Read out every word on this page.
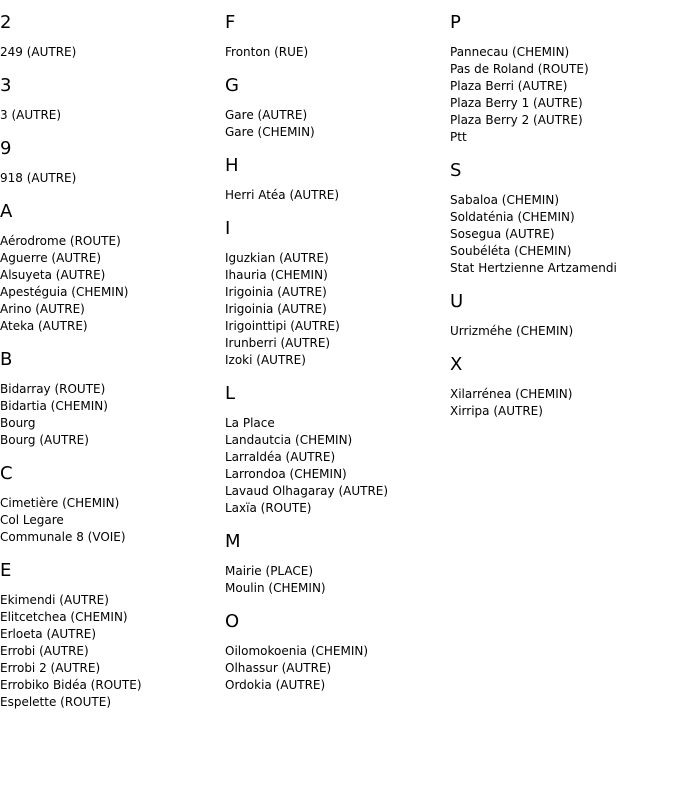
2
249 (AUTRE)
3
3 (AUTRE)
9
918 (AUTRE)
A
Aérodrome (ROUTE)
Aguerre (AUTRE)
Alsuyeta (AUTRE)
Apestéguia (CHEMIN)
Arino (AUTRE)
Ateka (AUTRE)
B
Bidarray (ROUTE)
Bidartia (CHEMIN)
Bourg
Bourg (AUTRE)
C
Cimetière (CHEMIN)
Col Legare
Communale 8 (VOIE)
E
Ekimendi (AUTRE)
Elitcetchea (CHEMIN)
Erloeta (AUTRE)
Errobi (AUTRE)
Errobi 2 (AUTRE)
Errobiko Bidéa (ROUTE)
Espelette (ROUTE)
F
Fronton (RUE)
G
Gare (AUTRE)
Gare (CHEMIN)
H
Herri Atéa (AUTRE)
I
Iguzkian (AUTRE)
Ihauria (CHEMIN)
Irigoinia (AUTRE)
Irigoinia (AUTRE)
Irigointtipi (AUTRE)
Irunberri (AUTRE)
Izoki (AUTRE)
L
La Place
Landautcia (CHEMIN)
Larraldéa (AUTRE)
Larrondoa (CHEMIN)
Lavaud Olhagaray (AUTRE)
Laxïa (ROUTE)
M
Mairie (PLACE)
Moulin (CHEMIN)
O
Oilomokoenia (CHEMIN)
Olhassur (AUTRE)
Ordokia (AUTRE)
P
Pannecau (CHEMIN)
Pas de Roland (ROUTE)
Plaza Berri (AUTRE)
Plaza Berry 1 (AUTRE)
Plaza Berry 2 (AUTRE)
Ptt
S
Sabaloa (CHEMIN)
Soldaténia (CHEMIN)
Sosegua (AUTRE)
Soubéléta (CHEMIN)
Stat Hertzienne Artzamendi
U
Urrizméhe (CHEMIN)
X
Xilarrénea (CHEMIN)
Xirripa (AUTRE)
